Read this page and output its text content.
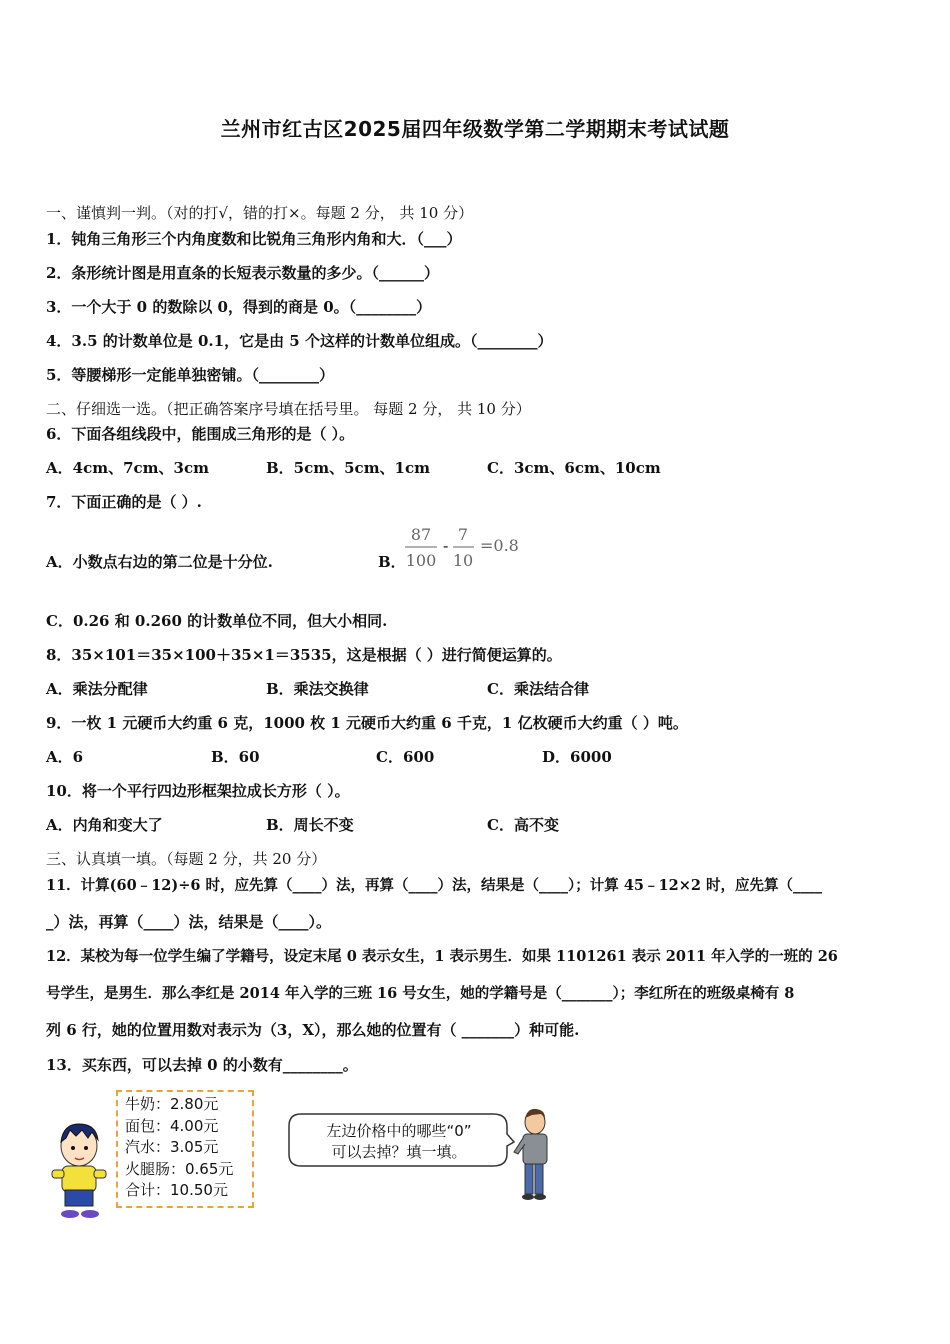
兰州市红古区2025届四年级数学第二学期期末考试试题
一、谨慎判一判。（对的打√，错的打×。每题 2 分， 共 10 分）
1．钝角三角形三个内角度数和比锐角三角形内角和大．（___）
2．条形统计图是用直条的长短表示数量的多少。（______）
3．一个大于 0 的数除以 0，得到的商是 0。（________）
4．3.5 的计数单位是 0.1，它是由 5 个这样的计数单位组成。（________）
5．等腰梯形一定能单独密铺。（________）
二、仔细选一选。（把正确答案序号填在括号里。 每题 2 分， 共 10 分）
6．下面各组线段中，能围成三角形的是（ ）。
A．4cm、7cm、3cm	B．5cm、5cm、1cm	C．3cm、6cm、10cm
7．下面正确的是（ ）.
A．小数点右边的第二位是十分位.	B．
87
100
-
7
10
=0.8
C．0.26 和 0.260 的计数单位不同，但大小相同.
8．35×101＝35×100＋35×1＝3535，这是根据（ ）进行简便运算的。
A．乘法分配律	B．乘法交换律	C．乘法结合律
9．一枚 1 元硬币大约重 6 克，1000 枚 1 元硬币大约重 6 千克，1 亿枚硬币大约重（ ）吨。
A．6	B．60	C．600	D．6000
10．将一个平行四边形框架拉成长方形（ ）。
A．内角和变大了	B．周长不变	C．高不变
三、认真填一填。（每题 2 分，共 20 分）
11．计算(60﹣12)÷6 时，应先算（____）法，再算（____）法，结果是（____）；计算 45﹣12×2 时，应先算（____
_）法，再算（____）法，结果是（____）。
12．某校为每一位学生编了学籍号，设定末尾 0 表示女生，1 表示男生．如果 1101261 表示 2011 年入学的一班的 26
号学生，是男生．那么李红是 2014 年入学的三班 16 号女生，她的学籍号是（_______）；李红所在的班级桌椅有 8
列 6 行，她的位置用数对表示为（3，X），那么她的位置有（ _______）种可能.
13．买东西，可以去掉 0 的小数有________。
牛奶：2.80元
面包：4.00元
汽水：3.05元
火腿肠：0.65元
合计：10.50元
左边价格中的哪些“0”
可以去掉？填一填。
